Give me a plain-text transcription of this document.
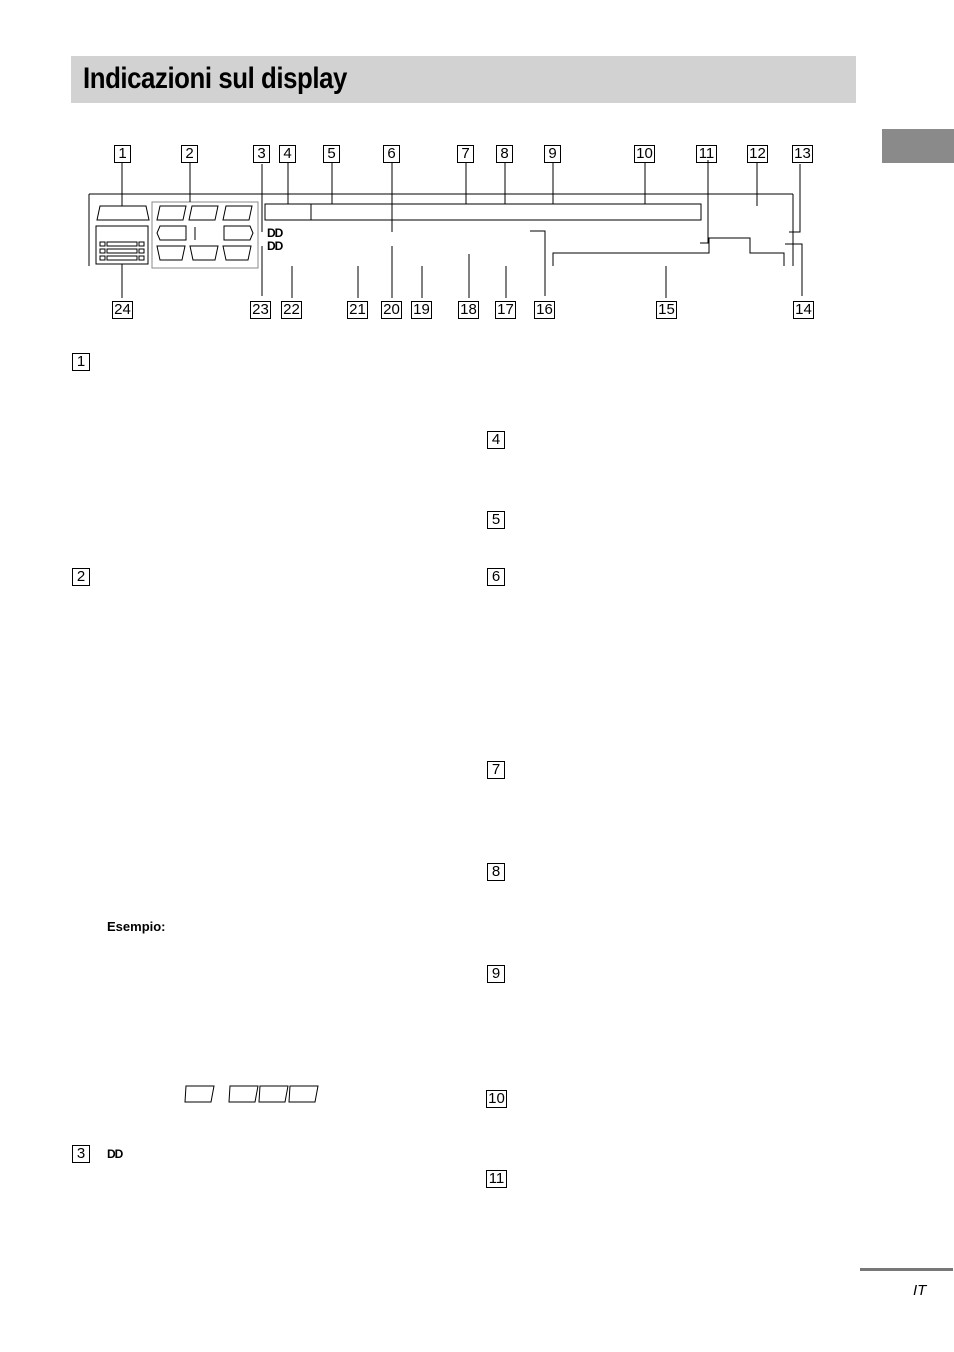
Indicazioni sul display
DD
DD
1	2	3 4 5	6	7 8	9	10	11 12 13
24	23 22	21 20 19 18 17 16	15	14
1
2
Esempio:
3	DD
4
5
6
7
8
9
10
11
IT
